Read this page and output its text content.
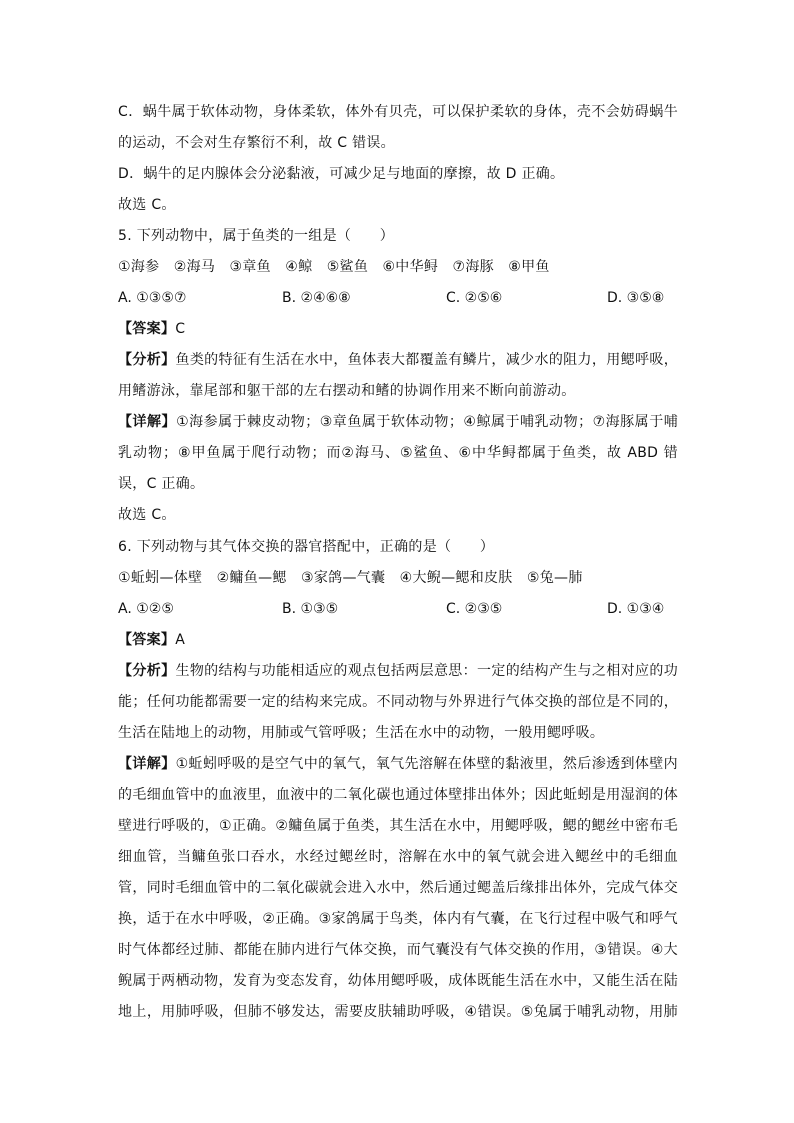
C．蜗牛属于软体动物，身体柔软，体外有贝壳，可以保护柔软的身体，壳不会妨碍蜗牛
的运动，不会对生存繁衍不利，故 C 错误。
D．蜗牛的足内腺体会分泌黏液，可减少足与地面的摩擦，故 D 正确。
故选 C。
5. 下列动物中，属于鱼类的一组是（　　）
①海参　②海马　③章鱼　④鲸　⑤鲨鱼　⑥中华鲟　⑦海豚　⑧甲鱼
A. ①③⑤⑦	B. ②④⑥⑧	C. ②⑤⑥	D. ③⑤⑧
【答案】C
【分析】鱼类的特征有生活在水中，鱼体表大都覆盖有鳞片，减少水的阻力，用鳃呼吸，
用鳍游泳，靠尾部和躯干部的左右摆动和鳍的协调作用来不断向前游动。
【详解】①海参属于棘皮动物；③章鱼属于软体动物；④鲸属于哺乳动物；⑦海豚属于哺
乳动物；⑧甲鱼属于爬行动物；而②海马、⑤鲨鱼、⑥中华鲟都属于鱼类，故 ABD 错
误，C 正确。
故选 C。
6. 下列动物与其气体交换的器官搭配中，正确的是（　　）
①蚯蚓—体壁　②鳙鱼—鳃　③家鸽—气囊　④大鲵—鳃和皮肤　⑤兔—肺
A. ①②⑤	B. ①③⑤	C. ②③⑤	D. ①③④
【答案】A
【分析】生物的结构与功能相适应的观点包括两层意思：一定的结构产生与之相对应的功
能；任何功能都需要一定的结构来完成。不同动物与外界进行气体交换的部位是不同的，
生活在陆地上的动物，用肺或气管呼吸；生活在水中的动物，一般用鳃呼吸。
【详解】①蚯蚓呼吸的是空气中的氧气，氧气先溶解在体壁的黏液里，然后渗透到体壁内
的毛细血管中的血液里，血液中的二氧化碳也通过体壁排出体外；因此蚯蚓是用湿润的体
壁进行呼吸的，①正确。②鳙鱼属于鱼类，其生活在水中，用鳃呼吸，鳃的鳃丝中密布毛
细血管，当鳙鱼张口吞水，水经过鳃丝时，溶解在水中的氧气就会进入鳃丝中的毛细血
管，同时毛细血管中的二氧化碳就会进入水中，然后通过鳃盖后缘排出体外，完成气体交
换，适于在水中呼吸，②正确。③家鸽属于鸟类，体内有气囊，在飞行过程中吸气和呼气
时气体都经过肺、都能在肺内进行气体交换，而气囊没有气体交换的作用，③错误。④大
鲵属于两栖动物，发育为变态发育，幼体用鳃呼吸，成体既能生活在水中，又能生活在陆
地上，用肺呼吸，但肺不够发达，需要皮肤辅助呼吸，④错误。⑤兔属于哺乳动物，用肺
